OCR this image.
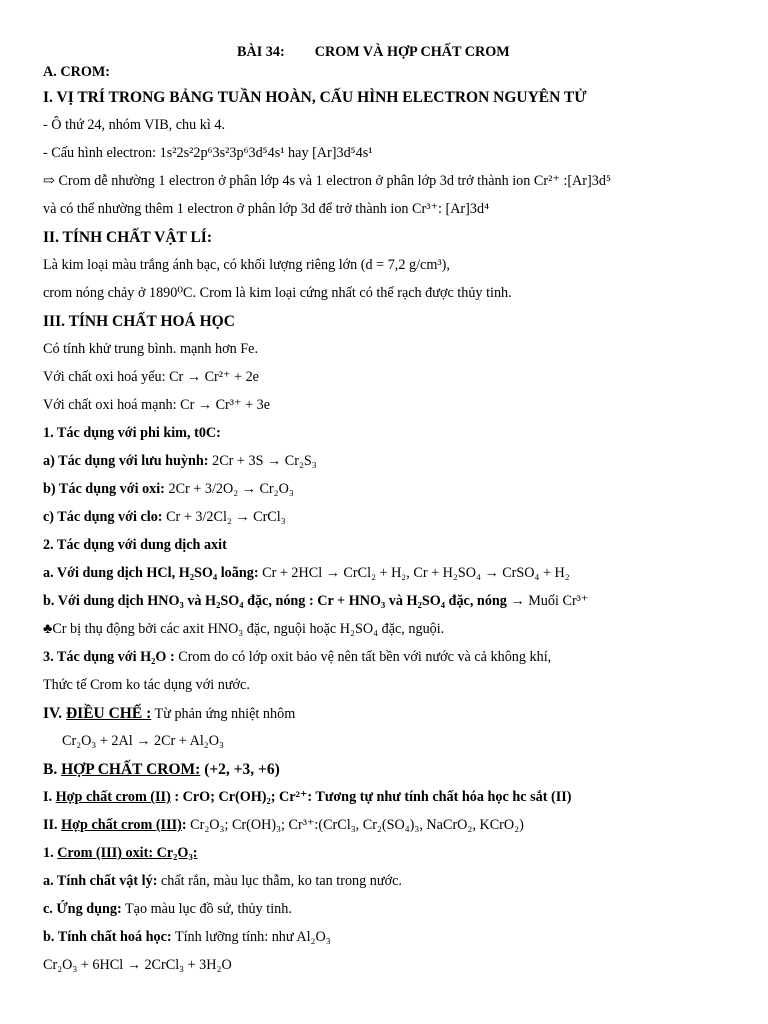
BÀI 34: CROM VÀ HỢP CHẤT CROM
A. CROM:
I. VỊ TRÍ TRONG BẢNG TUẦN HOÀN, CẤU HÌNH ELECTRON NGUYÊN TỬ
- Ô thứ 24, nhóm VIB, chu kì 4.
- Cấu hình electron: 1s²2s²2p⁶3s²3p⁶3d⁵4s¹ hay [Ar]3d⁵4s¹
⇨ Crom dễ nhường 1 electron ở phân lớp 4s và 1 electron ở phân lớp 3d trở thành ion Cr²⁺ :[Ar]3d⁵
và có thể nhường thêm 1 electron ở phân lớp 3d để trở thành ion Cr³⁺: [Ar]3d⁴
II. TÍNH CHẤT VẬT LÍ:
Là kim loại màu trắng ánh bạc, có khối lượng riêng lớn (d = 7,2 g/cm³),
crom nóng chảy ở 1890⁰C. Crom là kim loại cứng nhất có thể rạch được thủy tinh.
III. TÍNH CHẤT HOÁ HỌC
Có tính khử trung bình. mạnh hơn Fe.
Với chất oxi hoá yếu: Cr → Cr²⁺ + 2e
Với chất oxi hoá mạnh: Cr → Cr³⁺ + 3e
1. Tác dụng với phi kim, t0C:
a) Tác dụng với lưu huỳnh: 2Cr + 3S → Cr₂S₃
b) Tác dụng với oxi: 2Cr + 3/2O₂ → Cr₂O₃
c) Tác dụng với clo: Cr + 3/2Cl₂ → CrCl₃
2. Tác dụng với dung dịch axit
a. Với dung dịch HCl, H₂SO₄ loãng: Cr + 2HCl → CrCl₂ + H₂, Cr + H₂SO₄ → CrSO₄ + H₂
b. Với dung dịch HNO₃ và H₂SO₄ đặc, nóng : Cr + HNO₃ và H₂SO₄ đặc, nóng → Muối Cr³⁺
♣Cr bị thụ động bởi các axit HNO₃ đặc, nguội hoặc H₂SO₄ đặc, nguội.
3. Tác dụng với H₂O : Crom do có lớp oxit bảo vệ nên tất bền với nước và cả không khí,
Thức tế Crom ko tác dụng với nước.
IV. ĐIỀU CHẾ : Từ phản ứng nhiệt nhôm
Cr₂O₃ + 2Al → 2Cr + Al₂O₃
B. HỢP CHẤT CROM: (+2, +3, +6)
I. Hợp chất crom (II) : CrO; Cr(OH)₂; Cr²⁺: Tương tự như tính chất hóa học hc sắt (II)
II. Hợp chất crom (III): Cr₂O₃; Cr(OH)₃; Cr³⁺:(CrCl₃, Cr₂(SO₄)₃, NaCrO₂, KCrO₂)
1. Crom (III) oxit: Cr₂O₃:
a. Tính chất vật lý: chất rắn, màu lục thẫm, ko tan trong nước.
c. Ứng dụng: Tạo màu lục đồ sứ, thủy tinh.
b. Tính chất hoá học: Tính lưỡng tính: như Al₂O₃
Cr₂O₃ + 6HCl → 2CrCl₃ + 3H₂O
